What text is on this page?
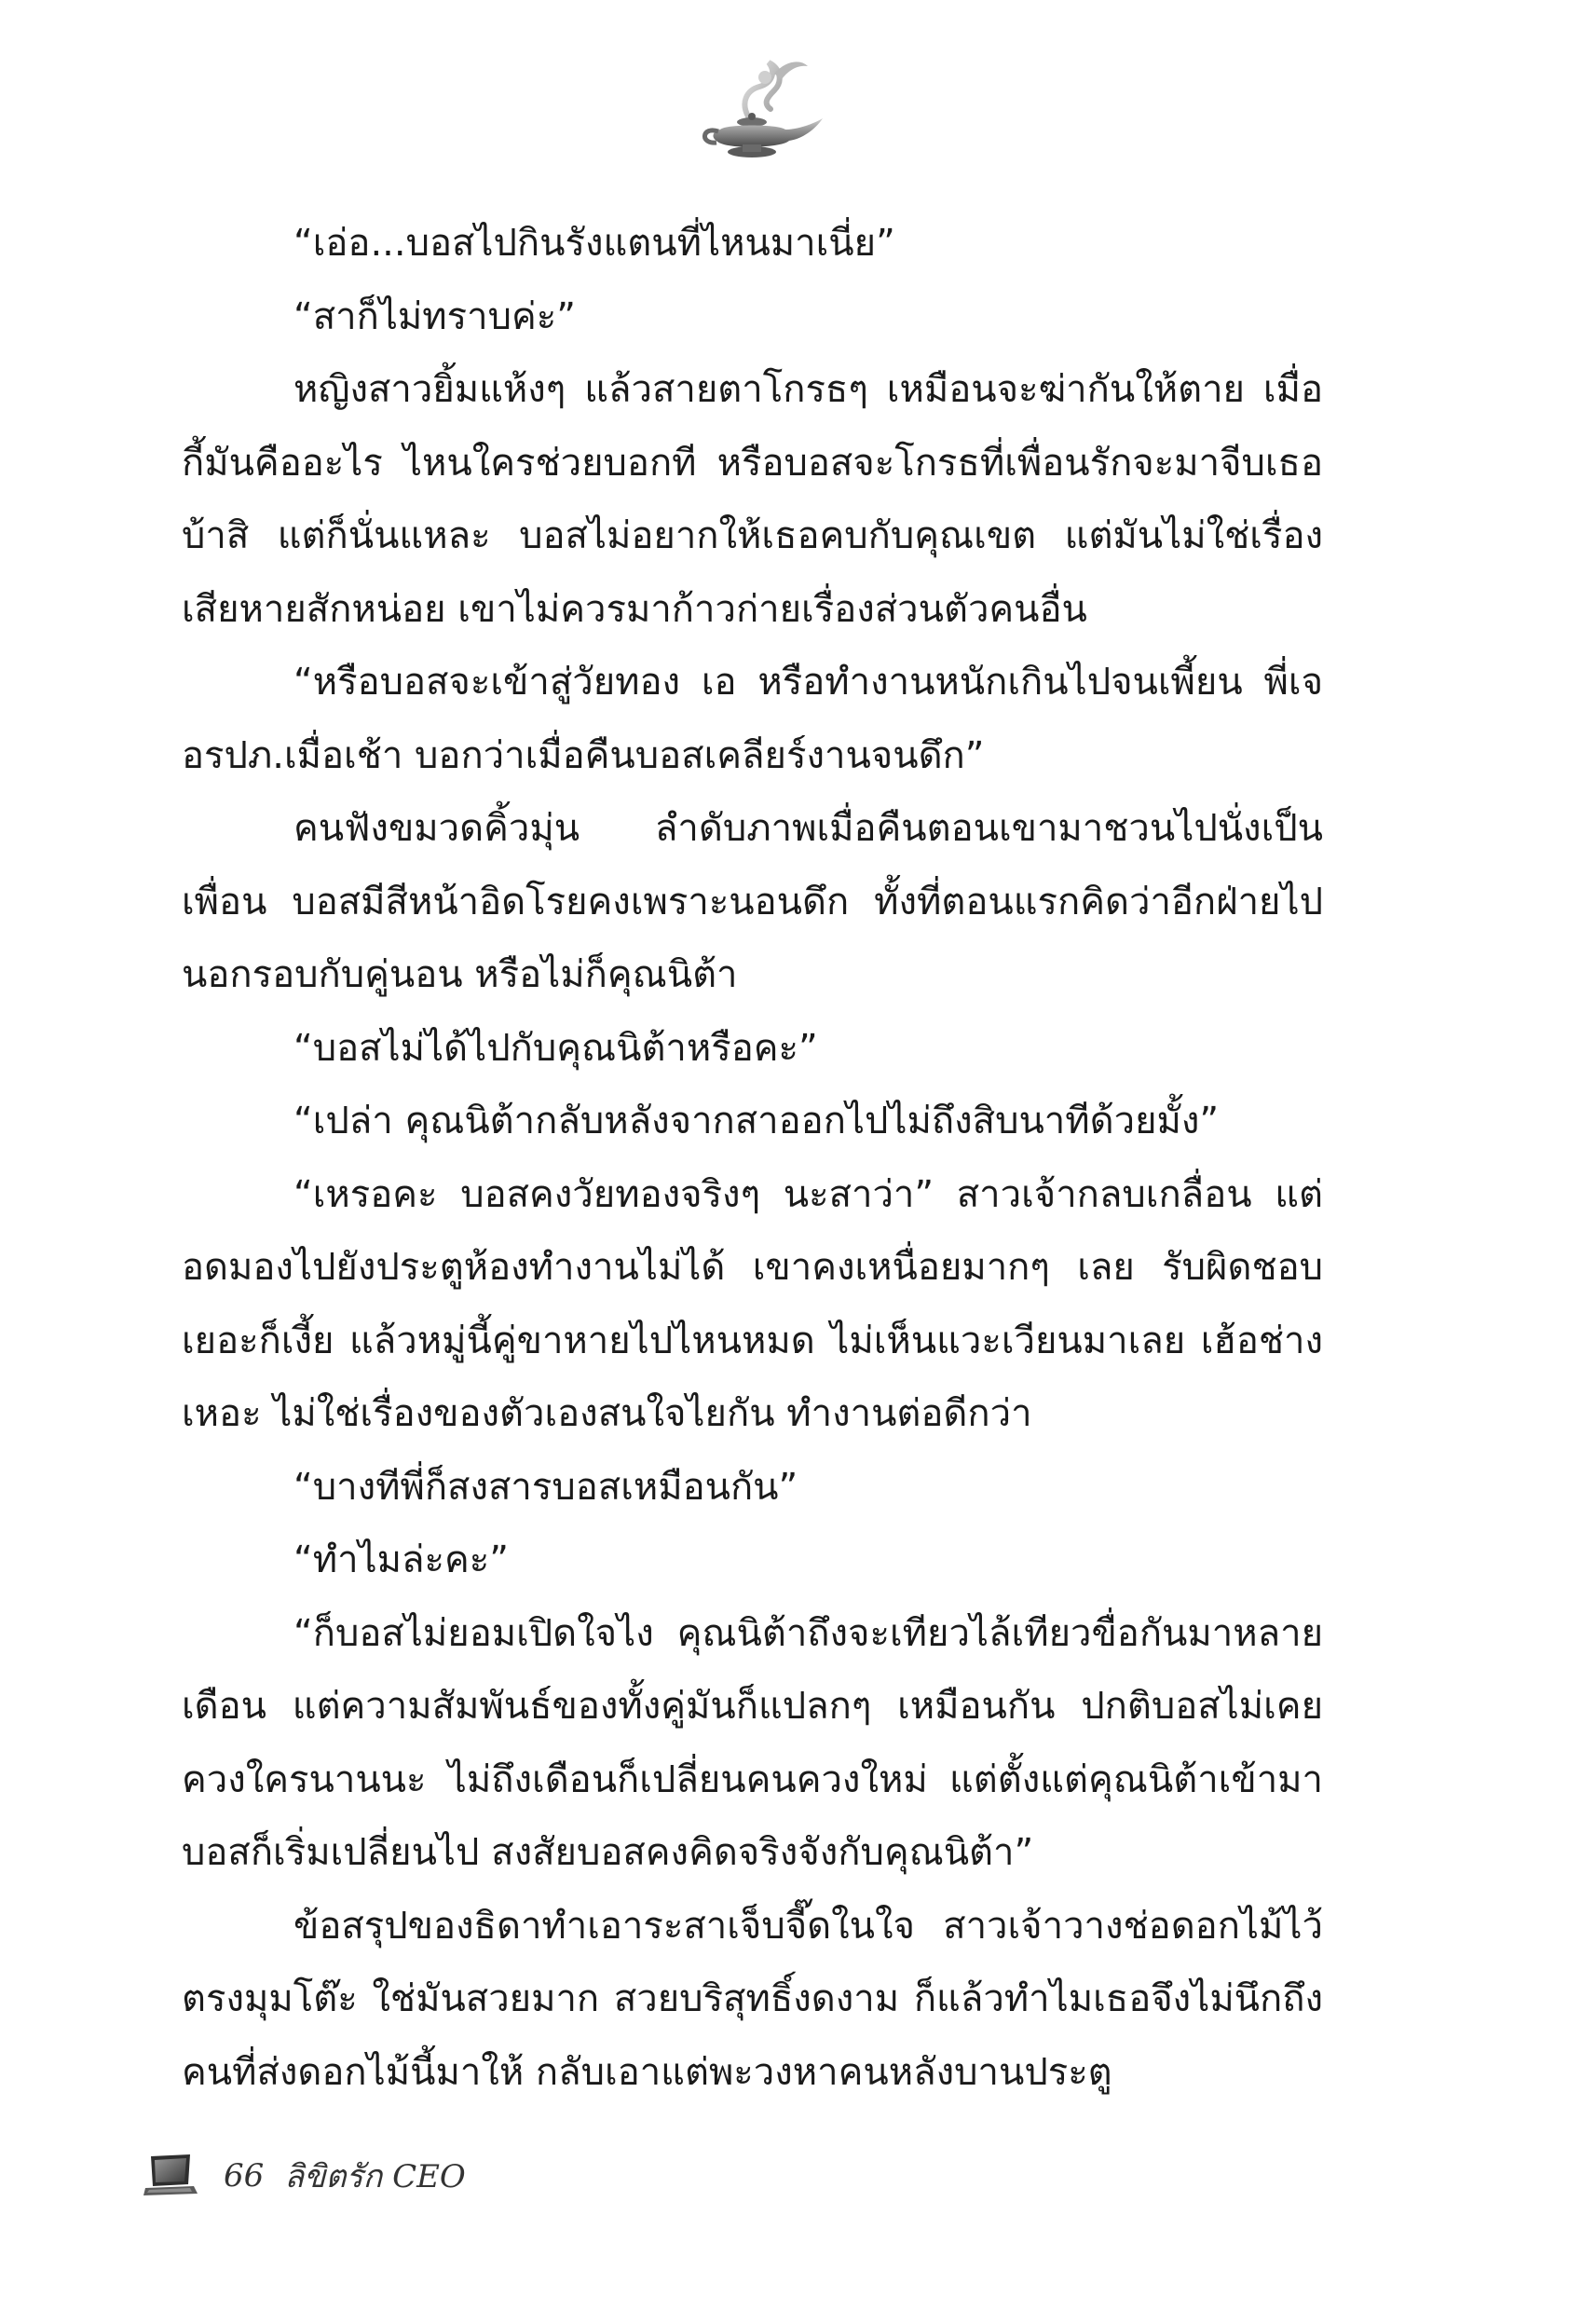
“เอ่อ...บอสไปกินรังแตนที่ไหนมาเนี่ย”

“สาก็ไม่ทราบค่ะ”

หญิงสาวยิ้มแห้งๆ แล้วสายตาโกรธๆ เหมือนจะฆ่ากันให้ตาย เมื่อกี้มันคืออะไร ไหนใครช่วยบอกที หรือบอสจะโกรธที่เพื่อนรักจะมาจีบเธอ บ้าสิ แต่ก็นั่นแหละ บอสไม่อยากให้เธอคบกับคุณเขต แต่มันไม่ใช่เรื่องเสียหายสักหน่อย เขาไม่ควรมาก้าวก่ายเรื่องส่วนตัวคนอื่น

“หรือบอสจะเข้าสู่วัยทอง เอ หรือทำงานหนักเกินไปจนเพี้ยน พี่เจอรปภ.เมื่อเช้า บอกว่าเมื่อคืนบอสเคลียร์งานจนดึก”

คนฟังขมวดคิ้วมุ่น ลำดับภาพเมื่อคืนตอนเขามาชวนไปนั่งเป็นเพื่อน บอสมีสีหน้าอิดโรยคงเพราะนอนดึก ทั้งที่ตอนแรกคิดว่าอีกฝ่ายไปนอกรอบกับคู่นอน หรือไม่ก็คุณนิต้า

“บอสไม่ได้ไปกับคุณนิต้าหรือคะ”

“เปล่า คุณนิต้ากลับหลังจากสาออกไปไม่ถึงสิบนาทีด้วยมั้ง”

“เหรอคะ บอสคงวัยทองจริงๆ นะสาว่า” สาวเจ้ากลบเกลื่อน แต่อดมองไปยังประตูห้องทำงานไม่ได้ เขาคงเหนื่อยมากๆ เลย รับผิดชอบเยอะก็เงี้ย แล้วหมู่นี้คู่ขาหายไปไหนหมด ไม่เห็นแวะเวียนมาเลย เฮ้อช่างเหอะ ไม่ใช่เรื่องของตัวเองสนใจไยกัน ทำงานต่อดีกว่า

“บางทีพี่ก็สงสารบอสเหมือนกัน”

“ทำไมล่ะคะ”

“ก็บอสไม่ยอมเปิดใจไง คุณนิต้าถึงจะเทียวไล้เทียวขื่อกันมาหลายเดือน แต่ความสัมพันธ์ของทั้งคู่มันก็แปลกๆ เหมือนกัน ปกติบอสไม่เคยควงใครนานนะ ไม่ถึงเดือนก็เปลี่ยนคนควงใหม่ แต่ตั้งแต่คุณนิต้าเข้ามาบอสก็เริ่มเปลี่ยนไป สงสัยบอสคงคิดจริงจังกับคุณนิต้า”

ข้อสรุปของธิดาทำเอาระสาเจ็บจี๊ดในใจ สาวเจ้าวางช่อดอกไม้ไว้ตรงมุมโต๊ะ ใช่มันสวยมาก สวยบริสุทธิ์งดงาม ก็แล้วทำไมเธอจึงไม่นึกถึงคนที่ส่งดอกไม้นี้มาให้ กลับเอาแต่พะวงหาคนหลังบานประตู

66 ลิขิตรัก CEO
